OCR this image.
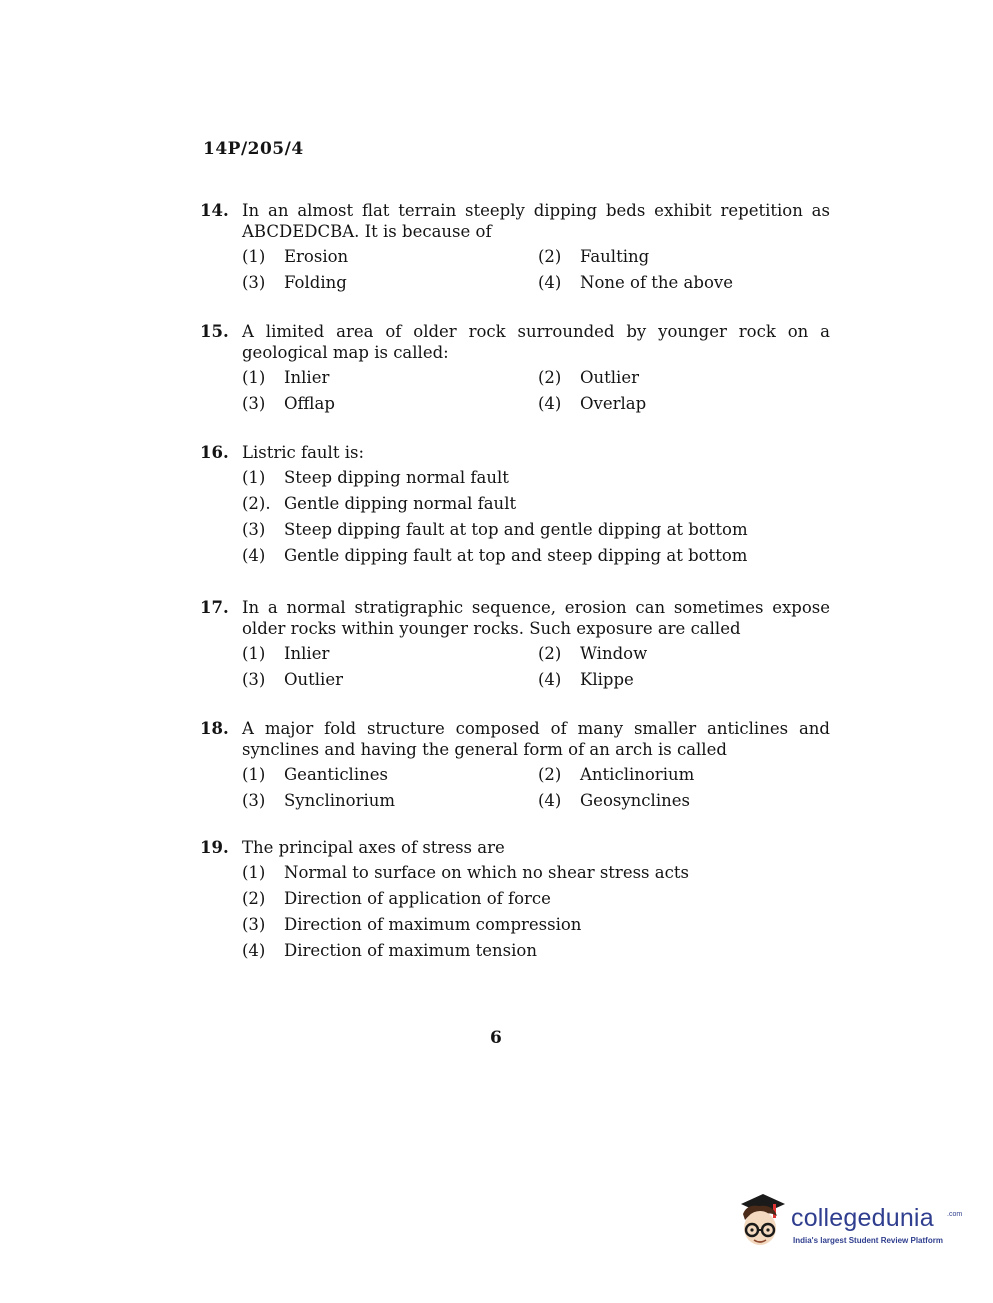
14P/205/4
14. In an almost flat terrain steeply dipping beds exhibit repetition as ABCDEDCBA. It is because of
(1)	Erosion	(2)	Faulting
(3)	Folding	(4)	None of the above
15. A limited area of older rock surrounded by younger rock on a geological map is called:
(1)	Inlier	(2)	Outlier
(3)	Offlap	(4)	Overlap
16. Listric fault is:
(1)	Steep dipping normal fault
(2). Gentle dipping normal fault
(3)	Steep dipping fault at top and gentle dipping at bottom
(4)	Gentle dipping fault at top and steep dipping at bottom
17. In a normal stratigraphic sequence, erosion can sometimes expose older rocks within younger rocks. Such exposure are called
(1)	Inlier	(2)	Window
(3)	Outlier	(4)	Klippe
18. A major fold structure composed of many smaller anticlines and synclines and having the general form of an arch is called
(1)	Geanticlines	(2)	Anticlinorium
(3)	Synclinorium	(4)	Geosynclines
19. The principal axes of stress are
(1)	Normal to surface on which no shear stress acts
(2)	Direction of application of force
(3)	Direction of maximum compression
(4)	Direction of maximum tension
6
collegedunia .com
India's largest Student Review Platform
